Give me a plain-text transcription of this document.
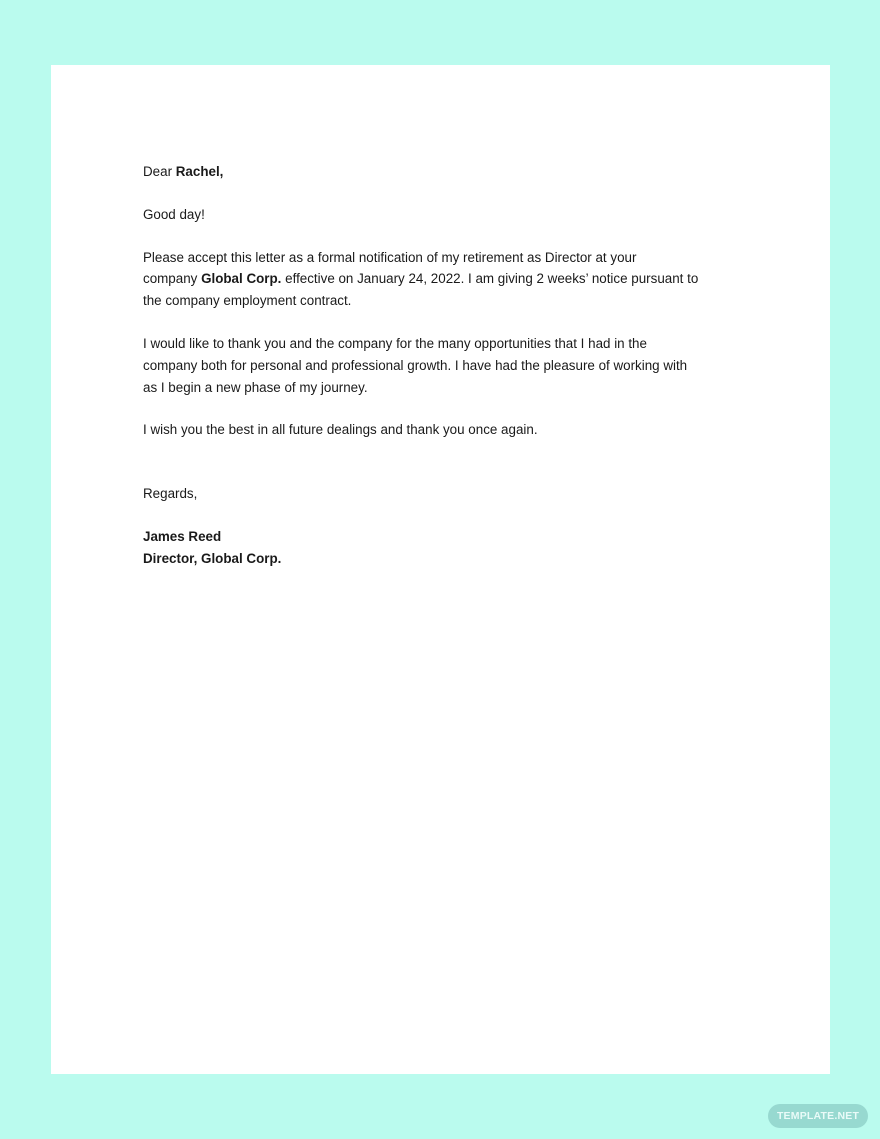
Dear Rachel,

Good day!

Please accept this letter as a formal notification of my retirement as Director at your
company Global Corp. effective on January 24, 2022. I am giving 2 weeks’ notice pursuant to
the company employment contract.

I would like to thank you and the company for the many opportunities that I had in the
company both for personal and professional growth. I have had the pleasure of working with
as I begin a new phase of my journey.

I wish you the best in all future dealings and thank you once again.

Regards,

James Reed
Director, Global Corp.
TEMPLATE.NET
